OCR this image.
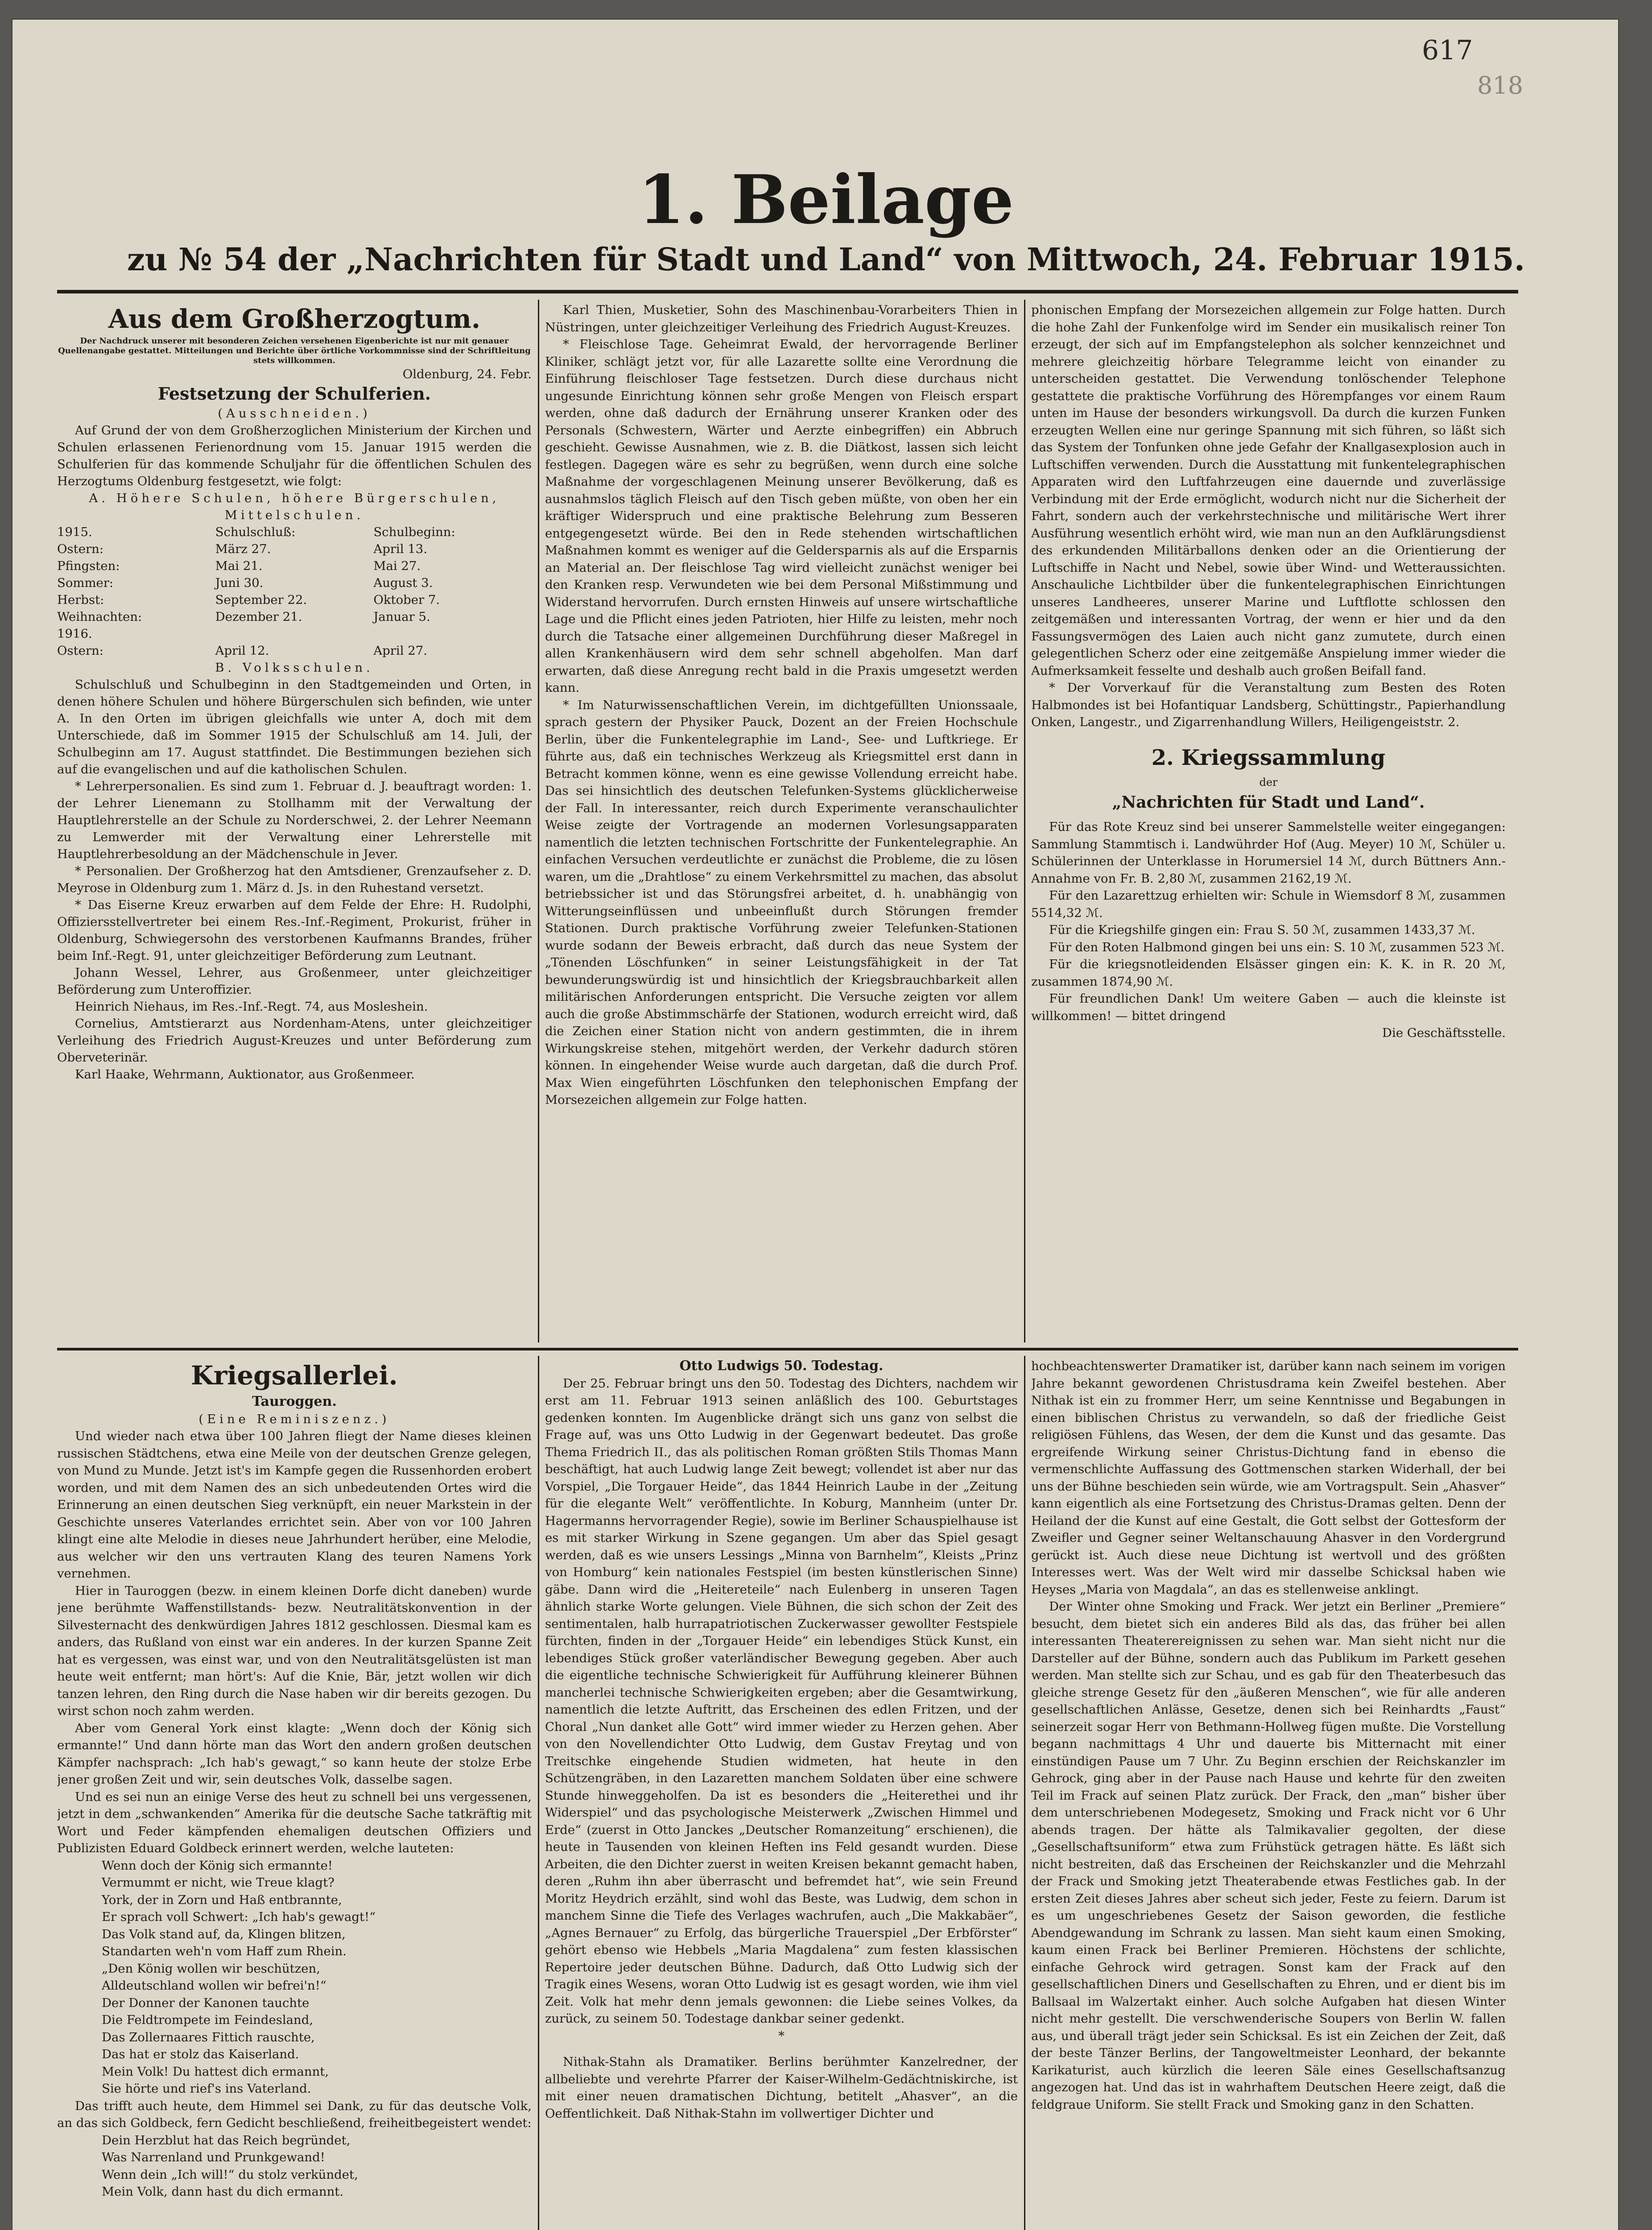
617
818
1. Beilage
zu № 54 der „Nachrichten für Stadt und Land“ von Mittwoch, 24. Februar 1915.
Aus dem Großherzogtum.
Der Nachdruck unserer mit besonderen Zeichen versehenen Eigenberichte ist nur mit genauer Quellenangabe gestattet. Mitteilungen und Berichte über örtliche Vorkommnisse sind der Schriftleitung stets willkommen.
Oldenburg, 24. Febr.
Festsetzung der Schulferien.
(Ausschneiden.)

Auf Grund der von dem Großherzoglichen Ministerium der Kirchen und Schulen erlassenen Ferienordnung vom 15. Januar 1915 werden die Schulferien für das kommende Schuljahr für die öffentlichen Schulen des Herzogtums Oldenburg festgesetzt, wie folgt:

A. Höhere Schulen, höhere Bürgerschulen, Mittelschulen.
1915.	Schulschluß:	Schulbeginn:
Ostern:	März 27.	April 13.
Pfingsten:	Mai 21.	Mai 27.
Sommer:	Juni 30.	August 3.
Herbst:	September 22.	Oktober 7.
Weihnachten:	Dezember 21.	Januar 5.
1916.
Ostern:	April 12.	April 27.
B. Volksschulen.

Schulschluß und Schulbeginn in den Stadtgemeinden und Orten, in denen höhere Schulen und höhere Bürgerschulen sich befinden, wie unter A. In den Orten im übrigen gleichfalls wie unter A, doch mit dem Unterschiede, daß im Sommer 1915 der Schulschluß am 14. Juli, der Schulbeginn am 17. August stattfindet. Die Bestimmungen beziehen sich auf die evangelischen und auf die katholischen Schulen.

* Lehrerpersonalien. Es sind zum 1. Februar d. J. beauftragt worden: 1. der Lehrer Lienemann zu Stollhamm mit der Verwaltung der Hauptlehrerstelle an der Schule zu Norderschwei, 2. der Lehrer Neemann zu Lemwerder mit der Verwaltung einer Lehrerstelle mit Hauptlehrerbesoldung an der Mädchenschule in Jever.

* Personalien. Der Großherzog hat den Amtsdiener, Grenzaufseher z. D. Meyrose in Oldenburg zum 1. März d. Js. in den Ruhestand versetzt.

* Das Eiserne Kreuz erwarben auf dem Felde der Ehre: H. Rudolphi, Offiziersstellvertreter bei einem Res.-Inf.-Regiment, Prokurist, früher in Oldenburg, Schwiegersohn des verstorbenen Kaufmanns Brandes, früher beim Inf.-Regt. 91, unter gleichzeitiger Beförderung zum Leutnant.

Johann Wessel, Lehrer, aus Großenmeer, unter gleichzeitiger Beförderung zum Unteroffizier.

Heinrich Niehaus, im Res.-Inf.-Regt. 74, aus Mosleshein.

Cornelius, Amtstierarzt aus Nordenham-Atens, unter gleichzeitiger Verleihung des Friedrich August-Kreuzes und unter Beförderung zum Oberveterinär.

Karl Haake, Wehrmann, Auktionator, aus Großenmeer.

Karl Thien, Musketier, Sohn des Maschinenbau-Vorarbeiters Thien in Nüstringen, unter gleichzeitiger Verleihung des Friedrich August-Kreuzes.

* Fleischlose Tage. Geheimrat Ewald, der hervorragende Berliner Kliniker, schlägt jetzt vor, für alle Lazarette sollte eine Verordnung die Einführung fleischloser Tage festsetzen. Durch diese durchaus nicht ungesunde Einrichtung können sehr große Mengen von Fleisch erspart werden, ohne daß dadurch der Ernährung unserer Kranken oder des Personals (Schwestern, Wärter und Aerzte einbegriffen) ein Abbruch geschieht. Gewisse Ausnahmen, wie z. B. die Diätkost, lassen sich leicht festlegen. Dagegen wäre es sehr zu begrüßen, wenn durch eine solche Maßnahme der vorgeschlagenen Meinung unserer Bevölkerung, daß es ausnahmslos täglich Fleisch auf den Tisch geben müßte, von oben her ein kräftiger Widerspruch und eine praktische Belehrung zum Besseren entgegengesetzt würde. Bei den in Rede stehenden wirtschaftlichen Maßnahmen kommt es weniger auf die Geldersparnis als auf die Ersparnis an Material an. Der fleischlose Tag wird vielleicht zunächst weniger bei den Kranken resp. Verwundeten wie bei dem Personal Mißstimmung und Widerstand hervorrufen. Durch ernsten Hinweis auf unsere wirtschaftliche Lage und die Pflicht eines jeden Patrioten, hier Hilfe zu leisten, mehr noch durch die Tatsache einer allgemeinen Durchführung dieser Maßregel in allen Krankenhäusern wird dem sehr schnell abgeholfen. Man darf erwarten, daß diese Anregung recht bald in die Praxis umgesetzt werden kann.

* Im Naturwissenschaftlichen Verein, im dichtgefüllten Unionssaale, sprach gestern der Physiker Pauck, Dozent an der Freien Hochschule Berlin, über die Funkentelegraphie im Land-, See- und Luftkriege. Er führte aus, daß ein technisches Werkzeug als Kriegsmittel erst dann in Betracht kommen könne, wenn es eine gewisse Vollendung erreicht habe. Das sei hinsichtlich des deutschen Telefunken-Systems glücklicherweise der Fall. In interessanter, reich durch Experimente veranschaulichter Weise zeigte der Vortragende an modernen Vorlesungsapparaten namentlich die letzten technischen Fortschritte der Funkentelegraphie. An einfachen Versuchen verdeutlichte er zunächst die Probleme, die zu lösen waren, um die „Drahtlose“ zu einem Verkehrsmittel zu machen, das absolut betriebssicher ist und das Störungsfrei arbeitet, d. h. unabhängig von Witterungseinflüssen und unbeeinflußt durch Störungen fremder Stationen. Durch praktische Vorführung zweier Telefunken-Stationen wurde sodann der Beweis erbracht, daß durch das neue System der „Tönenden Löschfunken“ in seiner Leistungsfähigkeit in der Tat bewunderungswürdig ist und hinsichtlich der Kriegsbrauchbarkeit allen militärischen Anforderungen entspricht. Die Versuche zeigten vor allem auch die große Abstimmschärfe der Stationen, wodurch erreicht wird, daß die Zeichen einer Station nicht von andern gestimmten, die in ihrem Wirkungskreise stehen, mitgehört werden, der Verkehr dadurch stören können. In eingehender Weise wurde auch dargetan, daß die durch Prof. Max Wien eingeführten Löschfunken den telephonischen Empfang der Morsezeichen allgemein zur Folge hatten.

phonischen Empfang der Morsezeichen allgemein zur Folge hatten. Durch die hohe Zahl der Funkenfolge wird im Sender ein musikalisch reiner Ton erzeugt, der sich auf im Empfangstelephon als solcher kennzeichnet und mehrere gleichzeitig hörbare Telegramme leicht von einander zu unterscheiden gestattet. Die Verwendung tonlöschender Telephone gestattete die praktische Vorführung des Hörempfanges vor einem Raum unten im Hause der besonders wirkungsvoll. Da durch die kurzen Funken erzeugten Wellen eine nur geringe Spannung mit sich führen, so läßt sich das System der Tonfunken ohne jede Gefahr der Knallgasexplosion auch in Luftschiffen verwenden. Durch die Ausstattung mit funkentelegraphischen Apparaten wird den Luftfahrzeugen eine dauernde und zuverlässige Verbindung mit der Erde ermöglicht, wodurch nicht nur die Sicherheit der Fahrt, sondern auch der verkehrstechnische und militärische Wert ihrer Ausführung wesentlich erhöht wird, wie man nun an den Aufklärungsdienst des erkundenden Militärballons denken oder an die Orientierung der Luftschiffe in Nacht und Nebel, sowie über Wind- und Wetteraussichten. Anschauliche Lichtbilder über die funkentelegraphischen Einrichtungen unseres Landheeres, unserer Marine und Luftflotte schlossen den zeitgemäßen und interessanten Vortrag, der wenn er hier und da den Fassungsvermögen des Laien auch nicht ganz zumutete, durch einen gelegentlichen Scherz oder eine zeitgemäße Anspielung immer wieder die Aufmerksamkeit fesselte und deshalb auch großen Beifall fand.

* Der Vorverkauf für die Veranstaltung zum Besten des Roten Halbmondes ist bei Hofantiquar Landsberg, Schüttingstr., Papierhandlung Onken, Langestr., und Zigarrenhandlung Willers, Heiligengeiststr. 2.

2. Kriegssammlung
der
„Nachrichten für Stadt und Land“.

Für das Rote Kreuz sind bei unserer Sammelstelle weiter eingegangen: Sammlung Stammtisch i. Landwührder Hof (Aug. Meyer) 10 ℳ, Schüler u. Schülerinnen der Unterklasse in Horumersiel 14 ℳ, durch Büttners Ann.-Annahme von Fr. B. 2,80 ℳ, zusammen 2162,19 ℳ.

Für den Lazarettzug erhielten wir: Schule in Wiemsdorf 8 ℳ, zusammen 5514,32 ℳ.

Für die Kriegshilfe gingen ein: Frau S. 50 ℳ, zusammen 1433,37 ℳ.

Für den Roten Halbmond gingen bei uns ein: S. 10 ℳ, zusammen 523 ℳ.

Für die kriegsnotleidenden Elsässer gingen ein: K. K. in R. 20 ℳ, zusammen 1874,90 ℳ.

Für freundlichen Dank! Um weitere Gaben — auch die kleinste ist willkommen! — bittet dringend

Die Geschäftsstelle.
Kriegsallerlei.
Tauroggen.
(Eine Reminiszenz.)

Und wieder nach etwa über 100 Jahren fliegt der Name dieses kleinen russischen Städtchens, etwa eine Meile von der deutschen Grenze gelegen, von Mund zu Munde. Jetzt ist's im Kampfe gegen die Russenhorden erobert worden, und mit dem Namen des an sich unbedeutenden Ortes wird die Erinnerung an einen deutschen Sieg verknüpft, ein neuer Markstein in der Geschichte unseres Vaterlandes errichtet sein. Aber von vor 100 Jahren klingt eine alte Melodie in dieses neue Jahrhundert herüber, eine Melodie, aus welcher wir den uns vertrauten Klang des teuren Namens York vernehmen.

Hier in Tauroggen (bezw. in einem kleinen Dorfe dicht daneben) wurde jene berühmte Waffenstillstands- bezw. Neutralitätskonvention in der Silvesternacht des denkwürdigen Jahres 1812 geschlossen. Diesmal kam es anders, das Rußland von einst war ein anderes. In der kurzen Spanne Zeit hat es vergessen, was einst war, und von den Neutralitätsgelüsten ist man heute weit entfernt; man hört's: Auf die Knie, Bär, jetzt wollen wir dich tanzen lehren, den Ring durch die Nase haben wir dir bereits gezogen. Du wirst schon noch zahm werden.

Aber vom General York einst klagte: „Wenn doch der König sich ermannte!“ Und dann hörte man das Wort den andern großen deutschen Kämpfer nachsprach: „Ich hab's gewagt,“ so kann heute der stolze Erbe jener großen Zeit und wir, sein deutsches Volk, dasselbe sagen.

Und es sei nun an einige Verse des heut zu schnell bei uns vergessenen, jetzt in dem „schwankenden“ Amerika für die deutsche Sache tatkräftig mit Wort und Feder kämpfenden ehemaligen deutschen Offiziers und Publizisten Eduard Goldbeck erinnert werden, welche lauteten:

Wenn doch der König sich ermannte!
Vermummt er nicht, wie Treue klagt?
York, der in Zorn und Haß entbrannte,
Er sprach voll Schwert: „Ich hab's gewagt!“
Das Volk stand auf, da, Klingen blitzen,
Standarten weh'n vom Haff zum Rhein.
„Den König wollen wir beschützen,
Alldeutschland wollen wir befrei'n!“
Der Donner der Kanonen tauchte
Die Feldtrompete im Feindesland,
Das Zollernaares Fittich rauschte,
Das hat er stolz das Kaiserland.
Mein Volk! Du hattest dich ermannt,
Sie hörte und rief's ins Vaterland.

Das trifft auch heute, dem Himmel sei Dank, zu für das deutsche Volk, an das sich Goldbeck, fern Gedicht beschließend, freiheitbegeistert wendet:

Dein Herzblut hat das Reich begründet,
Was Narrenland und Prunkgewand!
Wenn dein „Ich will!“ du stolz verkündet,
Mein Volk, dann hast du dich ermannt.
Otto Ludwigs 50. Todestag.

Der 25. Februar bringt uns den 50. Todestag des Dichters, nachdem wir erst am 11. Februar 1913 seinen anläßlich des 100. Geburtstages gedenken konnten. Im Augenblicke drängt sich uns ganz von selbst die Frage auf, was uns Otto Ludwig in der Gegenwart bedeutet. Das große Thema Friedrich II., das als politischen Roman größten Stils Thomas Mann beschäftigt, hat auch Ludwig lange Zeit bewegt; vollendet ist aber nur das Vorspiel, „Die Torgauer Heide“, das 1844 Heinrich Laube in der „Zeitung für die elegante Welt“ veröffentlichte. In Koburg, Mannheim (unter Dr. Hagermanns hervorragender Regie), sowie im Berliner Schauspielhause ist es mit starker Wirkung in Szene gegangen. Um aber das Spiel gesagt werden, daß es wie unsers Lessings „Minna von Barnhelm“, Kleists „Prinz von Homburg“ kein nationales Festspiel (im besten künstlerischen Sinne) gäbe. Dann wird die „Heitereteile“ nach Eulenberg in unseren Tagen ähnlich starke Worte gelungen. Viele Bühnen, die sich schon der Zeit des sentimentalen, halb hurrapatriotischen Zuckerwasser gewollter Festspiele fürchten, finden in der „Torgauer Heide“ ein lebendiges Stück Kunst, ein lebendiges Stück großer vaterländischer Bewegung gegeben. Aber auch die eigentliche technische Schwierigkeit für Aufführung kleinerer Bühnen mancherlei technische Schwierigkeiten ergeben; aber die Gesamtwirkung, namentlich die letzte Auftritt, das Erscheinen des edlen Fritzen, und der Choral „Nun danket alle Gott“ wird immer wieder zu Herzen gehen. Aber von den Novellendichter Otto Ludwig, dem Gustav Freytag und von Treitschke eingehende Studien widmeten, hat heute in den Schützengräben, in den Lazaretten manchem Soldaten über eine schwere Stunde hinweggeholfen. Da ist es besonders die „Heiterethei und ihr Widerspiel“ und das psychologische Meisterwerk „Zwischen Himmel und Erde“ (zuerst in Otto Janckes „Deutscher Romanzeitung“ erschienen), die heute in Tausenden von kleinen Heften ins Feld gesandt wurden. Diese Arbeiten, die den Dichter zuerst in weiten Kreisen bekannt gemacht haben, deren „Ruhm ihn aber überrascht und befremdet hat“, wie sein Freund Moritz Heydrich erzählt, sind wohl das Beste, was Ludwig, dem schon in manchem Sinne die Tiefe des Verlages wachrufen, auch „Die Makkabäer“, „Agnes Bernauer“ zu Erfolg, das bürgerliche Trauerspiel „Der Erbförster“ gehört ebenso wie Hebbels „Maria Magdalena“ zum festen klassischen Repertoire jeder deutschen Bühne. Dadurch, daß Otto Ludwig sich der Tragik eines Wesens, woran Otto Ludwig ist es gesagt worden, wie ihm viel Zeit. Volk hat mehr denn jemals gewonnen: die Liebe seines Volkes, da zurück, zu seinem 50. Todestage dankbar seiner gedenkt.

*

Nithak-Stahn als Dramatiker. Berlins berühmter Kanzelredner, der allbeliebte und verehrte Pfarrer der Kaiser-Wilhelm-Gedächtniskirche, ist mit einer neuen dramatischen Dichtung, betitelt „Ahasver“, an die Oeffentlichkeit. Daß Nithak-Stahn im vollwertiger Dichter und

hochbeachtenswerter Dramatiker ist, darüber kann nach seinem im vorigen Jahre bekannt gewordenen Christusdrama kein Zweifel bestehen. Aber Nithak ist ein zu frommer Herr, um seine Kenntnisse und Begabungen in einen biblischen Christus zu verwandeln, so daß der friedliche Geist religiösen Fühlens, das Wesen, der dem die Kunst und das gesamte. Das ergreifende Wirkung seiner Christus-Dichtung fand in ebenso die vermenschlichte Auffassung des Gottmenschen starken Widerhall, der bei uns der Bühne beschieden sein würde, wie am Vortragspult. Sein „Ahasver“ kann eigentlich als eine Fortsetzung des Christus-Dramas gelten. Denn der Heiland der die Kunst auf eine Gestalt, die Gott selbst der Gottesform der Zweifler und Gegner seiner Weltanschauung Ahasver in den Vordergrund gerückt ist. Auch diese neue Dichtung ist wertvoll und des größten Interesses wert. Was der Welt wird mir dasselbe Schicksal haben wie Heyses „Maria von Magdala“, an das es stellenweise anklingt.

Der Winter ohne Smoking und Frack. Wer jetzt ein Berliner „Premiere“ besucht, dem bietet sich ein anderes Bild als das, das früher bei allen interessanten Theaterereignissen zu sehen war. Man sieht nicht nur die Darsteller auf der Bühne, sondern auch das Publikum im Parkett gesehen werden. Man stellte sich zur Schau, und es gab für den Theaterbesuch das gleiche strenge Gesetz für den „äußeren Menschen“, wie für alle anderen gesellschaftlichen Anlässe, Gesetze, denen sich bei Reinhardts „Faust“ seinerzeit sogar Herr von Bethmann-Hollweg fügen mußte. Die Vorstellung begann nachmittags 4 Uhr und dauerte bis Mitternacht mit einer einstündigen Pause um 7 Uhr. Zu Beginn erschien der Reichskanzler im Gehrock, ging aber in der Pause nach Hause und kehrte für den zweiten Teil im Frack auf seinen Platz zurück. Der Frack, den „man“ bisher über dem unterschriebenen Modegesetz, Smoking und Frack nicht vor 6 Uhr abends tragen. Der hätte als Talmikavalier gegolten, der diese „Gesellschaftsuniform“ etwa zum Frühstück getragen hätte. Es läßt sich nicht bestreiten, daß das Erscheinen der Reichskanzler und die Mehrzahl der Frack und Smoking jetzt Theaterabende etwas Festliches gab. In der ersten Zeit dieses Jahres aber scheut sich jeder, Feste zu feiern. Darum ist es um ungeschriebenes Gesetz der Saison geworden, die festliche Abendgewandung im Schrank zu lassen. Man sieht kaum einen Smoking, kaum einen Frack bei Berliner Premieren. Höchstens der schlichte, einfache Gehrock wird getragen. Sonst kam der Frack auf den gesellschaftlichen Diners und Gesellschaften zu Ehren, und er dient bis im Ballsaal im Walzertakt einher. Auch solche Aufgaben hat diesen Winter nicht mehr gestellt. Die verschwenderische Soupers von Berlin W. fallen aus, und überall trägt jeder sein Schicksal. Es ist ein Zeichen der Zeit, daß der beste Tänzer Berlins, der Tangoweltmeister Leonhard, der bekannte Karikaturist, auch kürzlich die leeren Säle eines Gesellschaftsanzug angezogen hat. Und das ist in wahrhaftem Deutschen Heere zeigt, daß die feldgraue Uniform. Sie stellt Frack und Smoking ganz in den Schatten.
